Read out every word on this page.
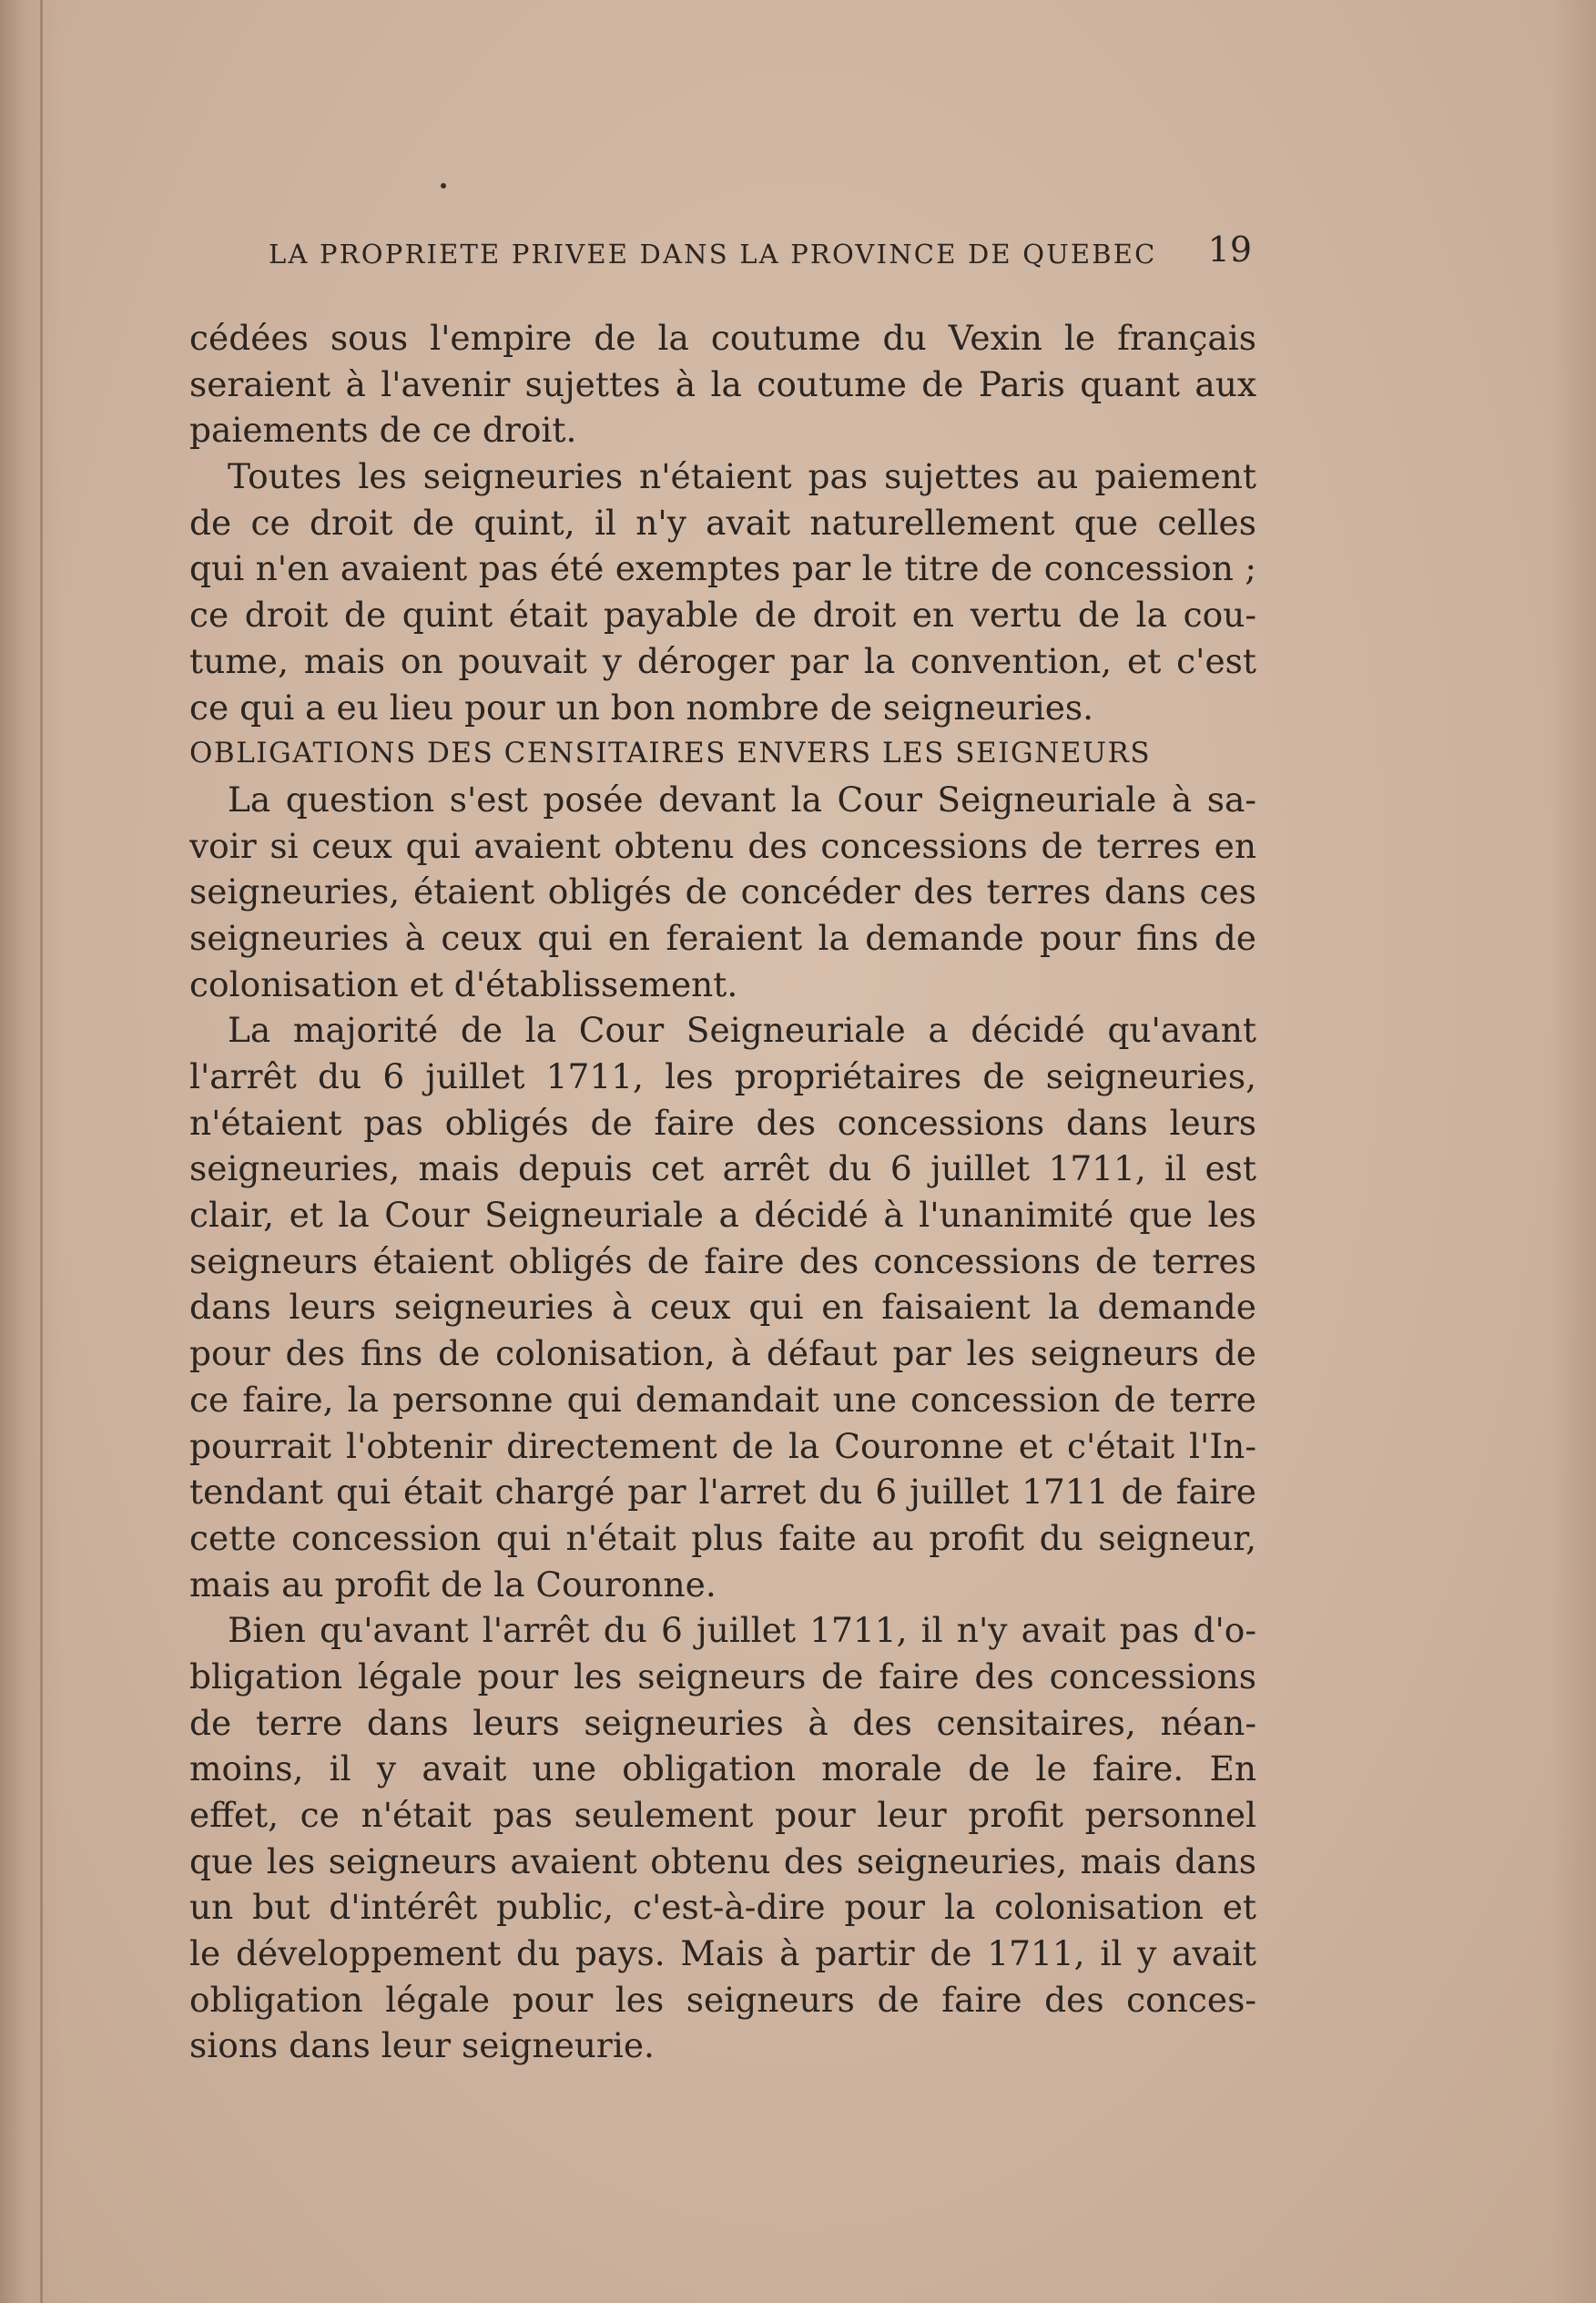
LA PROPRIETE PRIVEE DANS LA PROVINCE DE QUEBEC 19
cédées sous l'empire de la coutume du Vexin le français
seraient à l'avenir sujettes à la coutume de Paris quant aux
paiements de ce droit.
Toutes les seigneuries n'étaient pas sujettes au paiement
de ce droit de quint, il n'y avait naturellement que celles
qui n'en avaient pas été exemptes par le titre de concession ;
ce droit de quint était payable de droit en vertu de la cou-
tume, mais on pouvait y déroger par la convention, et c'est
ce qui a eu lieu pour un bon nombre de seigneuries.
OBLIGATIONS DES CENSITAIRES ENVERS LES SEIGNEURS
La question s'est posée devant la Cour Seigneuriale à sa-
voir si ceux qui avaient obtenu des concessions de terres en
seigneuries, étaient obligés de concéder des terres dans ces
seigneuries à ceux qui en feraient la demande pour fins de
colonisation et d'établissement.
La majorité de la Cour Seigneuriale a décidé qu'avant
l'arrêt du 6 juillet 1711, les propriétaires de seigneuries,
n'étaient pas obligés de faire des concessions dans leurs
seigneuries, mais depuis cet arrêt du 6 juillet 1711, il est
clair, et la Cour Seigneuriale a décidé à l'unanimité que les
seigneurs étaient obligés de faire des concessions de terres
dans leurs seigneuries à ceux qui en faisaient la demande
pour des fins de colonisation, à défaut par les seigneurs de
ce faire, la personne qui demandait une concession de terre
pourrait l'obtenir directement de la Couronne et c'était l'In-
tendant qui était chargé par l'arret du 6 juillet 1711 de faire
cette concession qui n'était plus faite au profit du seigneur,
mais au profit de la Couronne.
Bien qu'avant l'arrêt du 6 juillet 1711, il n'y avait pas d'o-
bligation légale pour les seigneurs de faire des concessions
de terre dans leurs seigneuries à des censitaires, néan-
moins, il y avait une obligation morale de le faire. En
effet, ce n'était pas seulement pour leur profit personnel
que les seigneurs avaient obtenu des seigneuries, mais dans
un but d'intérêt public, c'est-à-dire pour la colonisation et
le développement du pays. Mais à partir de 1711, il y avait
obligation légale pour les seigneurs de faire des conces-
sions dans leur seigneurie.
